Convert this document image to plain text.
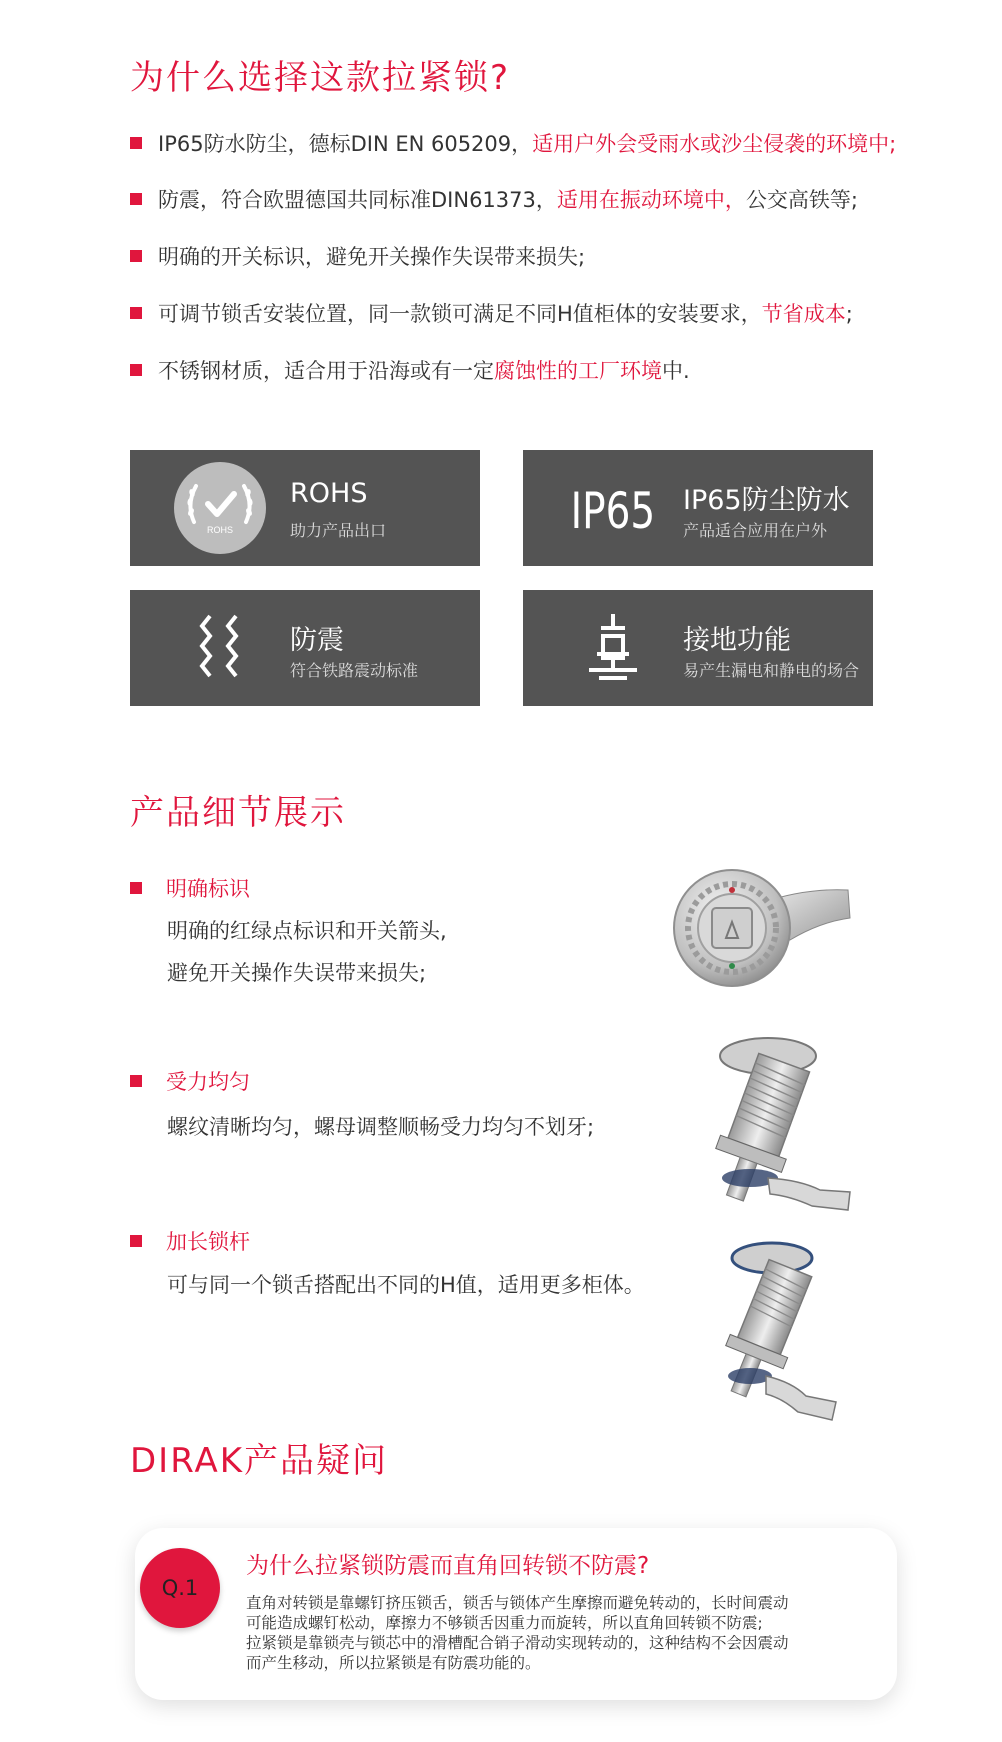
为什么选择这款拉紧锁?
IP65防水防尘，德标DIN EN 605209，适用户外会受雨水或沙尘侵袭的环境中;
防震，符合欧盟德国共同标准DIN61373，适用在振动环境中，公交高铁等;
明确的开关标识，避免开关操作失误带来损失;
可调节锁舌安装位置，同一款锁可满足不同H值柜体的安装要求，节省成本;
不锈钢材质，适合用于沿海或有一定腐蚀性的工厂环境中.
ROHS
ROHS
助力产品出口	IP65 IP65防尘防水
产品适合应用在户外
防震
符合铁路震动标准
接地功能
易产生漏电和静电的场合
产品细节展示
明确标识
明确的红绿点标识和开关箭头,
避免开关操作失误带来损失;
受力均匀
螺纹清晰均匀，螺母调整顺畅受力均匀不划牙;
加长锁杆
可与同一个锁舌搭配出不同的H值，适用更多柜体。
DIRAK产品疑问
Q.1
为什么拉紧锁防震而直角回转锁不防震?
直角对转锁是靠螺钉挤压锁舌，锁舌与锁体产生摩擦而避免转动的，长时间震动
可能造成螺钉松动，摩擦力不够锁舌因重力而旋转，所以直角回转锁不防震;
拉紧锁是靠锁壳与锁芯中的滑槽配合销子滑动实现转动的，这种结构不会因震动
而产生移动，所以拉紧锁是有防震功能的。
